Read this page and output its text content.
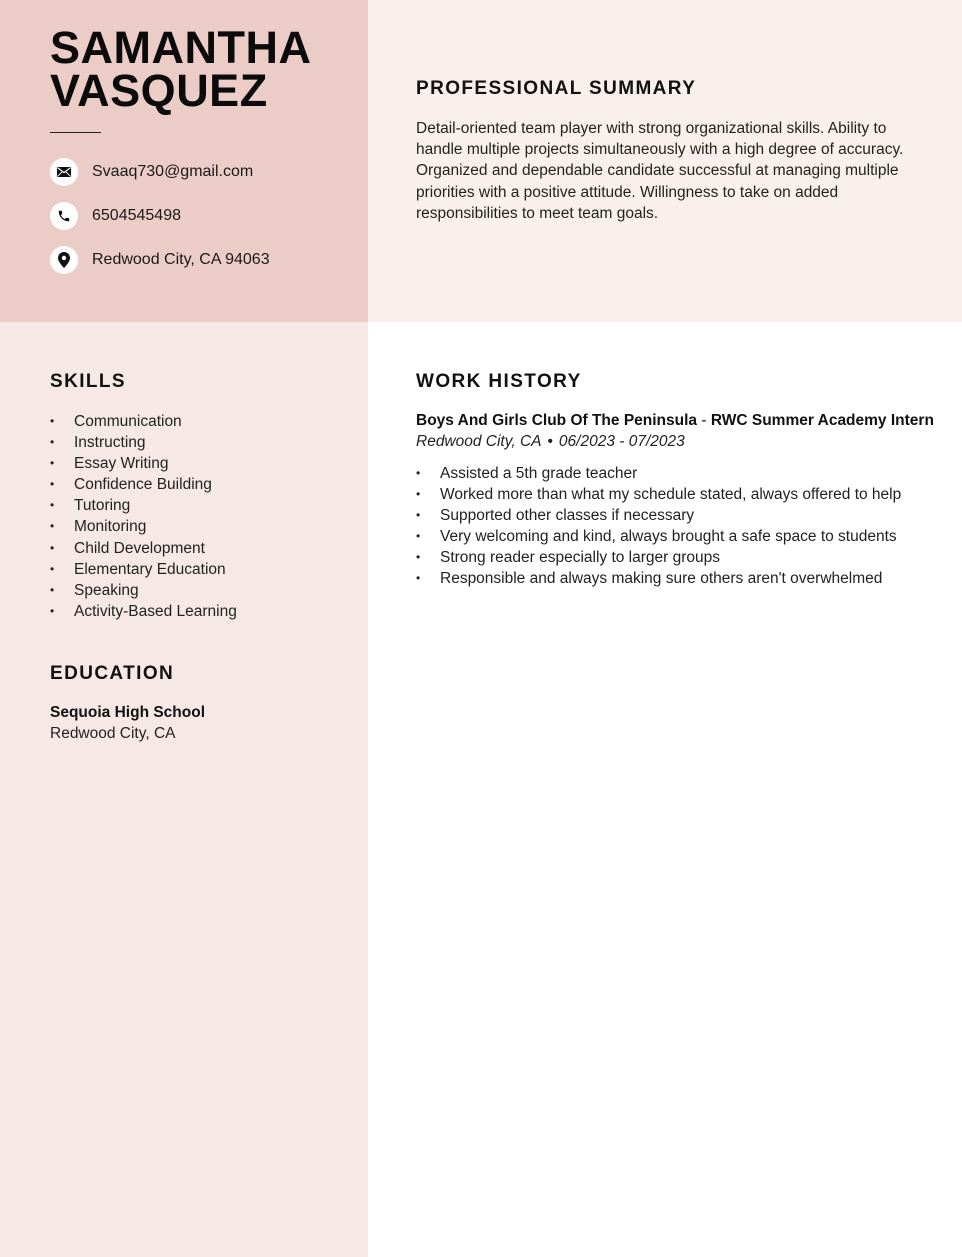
SAMANTHA
VASQUEZ
Svaaq730@gmail.com
6504545498
Redwood City, CA 94063
PROFESSIONAL SUMMARY

Detail-oriented team player with strong organizational skills. Ability to handle multiple projects simultaneously with a high degree of accuracy. Organized and dependable candidate successful at managing multiple priorities with a positive attitude. Willingness to take on added responsibilities to meet team goals.

SKILLS
• Communication
• Instructing
• Essay Writing
• Confidence Building
• Tutoring
• Monitoring
• Child Development
• Elementary Education
• Speaking
• Activity-Based Learning
EDUCATION
Sequoia High School
Redwood City, CA
WORK HISTORY
Boys And Girls Club Of The Peninsula - RWC Summer Academy Intern
Redwood City, CA • 06/2023 - 07/2023
• Assisted a 5th grade teacher
• Worked more than what my schedule stated, always offered to help
• Supported other classes if necessary
• Very welcoming and kind, always brought a safe space to students
• Strong reader especially to larger groups
• Responsible and always making sure others aren't overwhelmed
